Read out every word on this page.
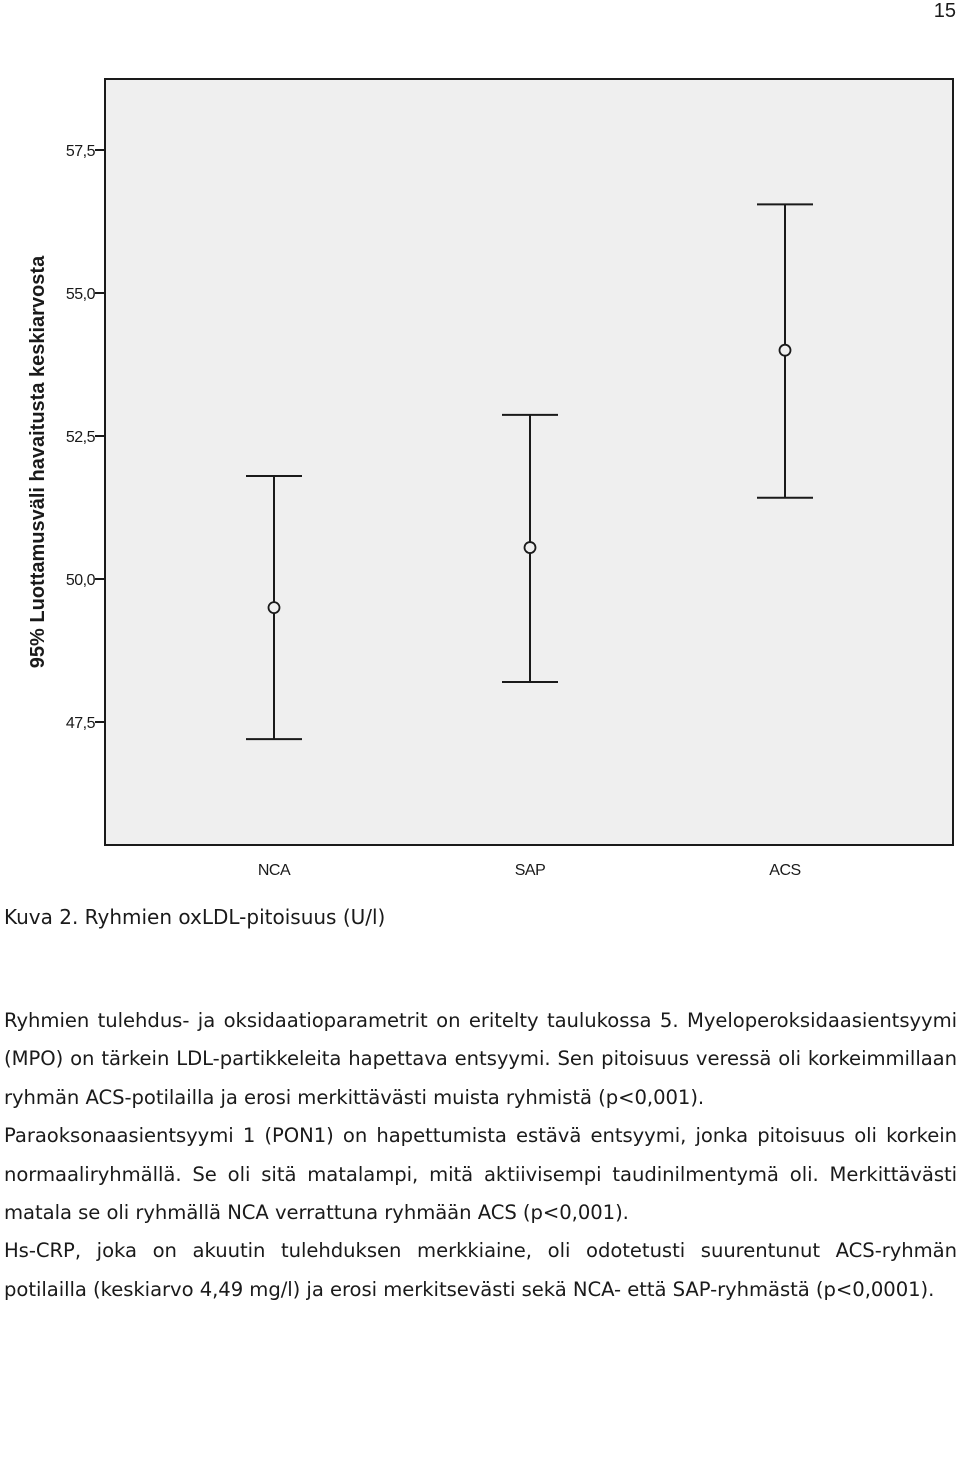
15
47,5
50,0
52,5
55,0
57,5
NCA	SAP	ACS
95% Luottamusväli havaitusta keskiarvosta
Kuva 2. Ryhmien oxLDL-pitoisuus (U/l)

Ryhmien tulehdus- ja oksidaatioparametrit on eritelty taulukossa 5. Myeloperoksidaasientsyymi (MPO) on tärkein LDL-partikkeleita hapettava entsyymi. Sen pitoisuus veressä oli korkeimmillaan ryhmän ACS-potilailla ja erosi merkittävästi muista ryhmistä (p<0,001).

Paraoksonaasientsyymi 1 (PON1) on hapettumista estävä entsyymi, jonka pitoisuus oli korkein normaaliryhmällä. Se oli sitä matalampi, mitä aktiivisempi taudinilmentymä oli. Merkittävästi matala se oli ryhmällä NCA verrattuna ryhmään ACS (p<0,001).

Hs-CRP, joka on akuutin tulehduksen merkkiaine, oli odotetusti suurentunut ACS-ryhmän potilailla (keskiarvo 4,49 mg/l) ja erosi merkitsevästi sekä NCA- että SAP-ryhmästä (p<0,0001).
